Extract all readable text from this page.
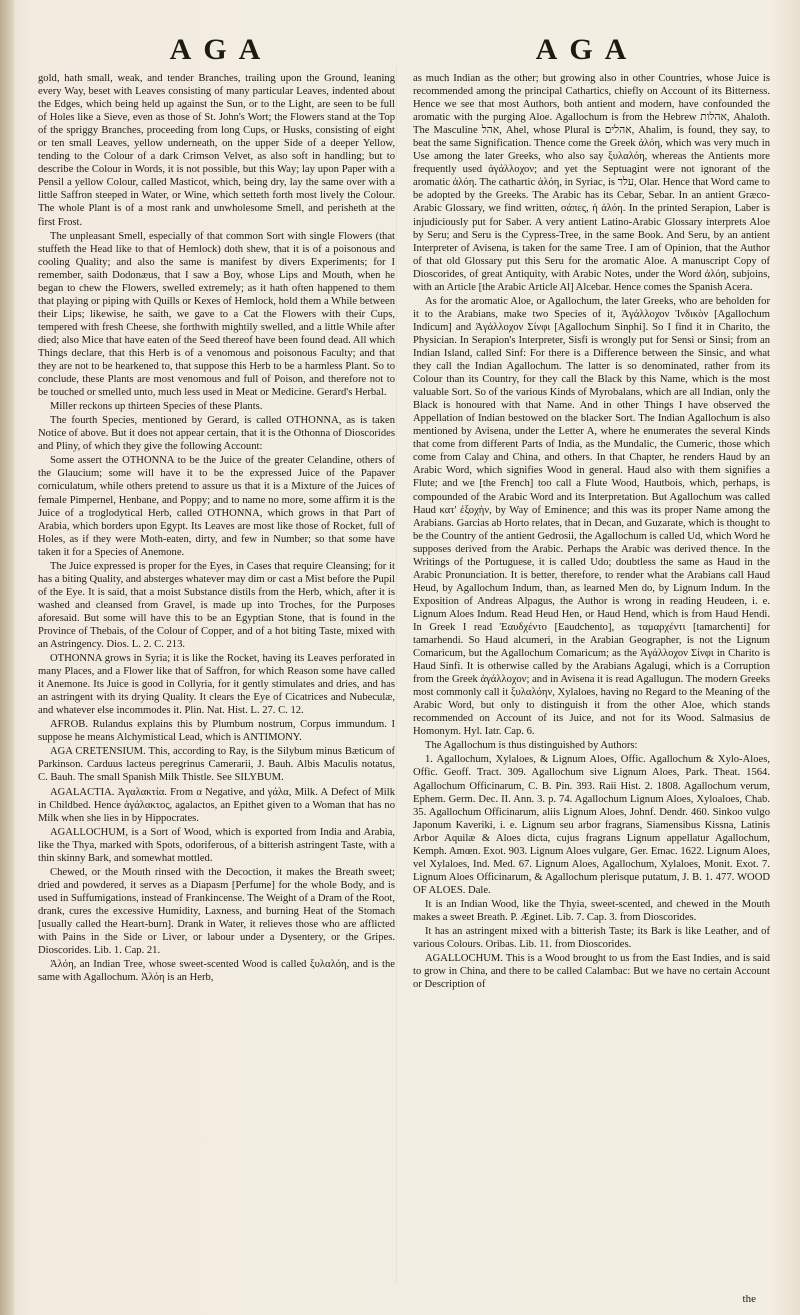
AGA	AGA

gold, hath small, weak, and tender Branches, trailing upon the Ground, leaning every Way, beset with Leaves consisting of many particular Leaves, indented about the Edges, which being held up against the Sun, or to the Light, are seen to be full of Holes like a Sieve, even as those of St. John's Wort; the Flowers stand at the Top of the spriggy Branches, proceeding from long Cups, or Husks, consisting of eight or ten small Leaves, yellow underneath, on the upper Side of a deeper Yellow, tending to the Colour of a dark Crimson Velvet, as also soft in handling; but to describe the Colour in Words, it is not possible, but this Way; lay upon Paper with a Pensil a yellow Colour, called Masticot, which, being dry, lay the same over with a little Saffron steeped in Water, or Wine, which setteth forth most lively the Colour. The whole Plant is of a most rank and unwholesome Smell, and perisheth at the first Frost.

The unpleasant Smell, especially of that common Sort with single Flowers (that stuffeth the Head like to that of Hemlock) doth shew, that it is of a poisonous and cooling Quality; and also the same is manifest by divers Experiments; for I remember, saith Dodonæus, that I saw a Boy, whose Lips and Mouth, when he began to chew the Flowers, swelled extremely; as it hath often happened to them that playing or piping with Quills or Kexes of Hemlock, hold them a While between their Lips; likewise, he saith, we gave to a Cat the Flowers with their Cups, tempered with fresh Cheese, she forthwith mightily swelled, and a little While after died; also Mice that have eaten of the Seed thereof have been found dead. All which Things declare, that this Herb is of a venomous and poisonous Faculty; and that they are not to be hearkened to, that suppose this Herb to be a harmless Plant. So to conclude, these Plants are most venomous and full of Poison, and therefore not to be touched or smelled unto, much less used in Meat or Medicine. Gerard's Herbal.

Miller reckons up thirteen Species of these Plants.

The fourth Species, mentioned by Gerard, is called OTHONNA, as is taken Notice of above. But it does not appear certain, that it is the Othonna of Dioscorides and Pliny, of which they give the following Account:

Some assert the OTHONNA to be the Juice of the greater Celandine, others of the Glaucium; some will have it to be the expressed Juice of the Papaver corniculatum, while others pretend to assure us that it is a Mixture of the Juices of female Pimpernel, Henbane, and Poppy; and to name no more, some affirm it is the Juice of a troglodytical Herb, called OTHONNA, which grows in that Part of Arabia, which borders upon Egypt. Its Leaves are most like those of Rocket, full of Holes, as if they were Moth-eaten, dirty, and few in Number; so that some have taken it for a Species of Anemone.

The Juice expressed is proper for the Eyes, in Cases that require Cleansing; for it has a biting Quality, and absterges whatever may dim or cast a Mist before the Pupil of the Eye. It is said, that a moist Substance distils from the Herb, which, after it is washed and cleansed from Gravel, is made up into Troches, for the Purposes aforesaid. But some will have this to be an Egyptian Stone, that is found in the Province of Thebais, of the Colour of Copper, and of a hot biting Taste, mixed with an Astringency. Dios. L. 2. C. 213.

OTHONNA grows in Syria; it is like the Rocket, having its Leaves perforated in many Places, and a Flower like that of Saffron, for which Reason some have called it Anemone. Its Juice is good in Collyria, for it gently stimulates and dries, and has an astringent with its drying Quality. It clears the Eye of Cicatrices and Nubeculæ, and whatever else incommodes it. Plin. Nat. Hist. L. 27. C. 12.

AFROB. Rulandus explains this by Plumbum nostrum, Corpus immundum. I suppose he means Alchymistical Lead, which is ANTIMONY.

AGA CRETENSIUM. This, according to Ray, is the Silybum minus Bæticum of Parkinson. Carduus lacteus peregrinus Camerarii, J. Bauh. Albis Maculis notatus, C. Bauh. The small Spanish Milk Thistle. See SILYBUM.

AGALACTIA. Ἀγαλακτία. From α Negative, and γάλα, Milk. A Defect of Milk in Childbed. Hence ἀγάλακτος, agalactos, an Epithet given to a Woman that has no Milk when she lies in by Hippocrates.

AGALLOCHUM, is a Sort of Wood, which is exported from India and Arabia, like the Thya, marked with Spots, odoriferous, of a bitterish astringent Taste, with a thin skinny Bark, and somewhat mottled.

Chewed, or the Mouth rinsed with the Decoction, it makes the Breath sweet; dried and powdered, it serves as a Diapasm [Perfume] for the whole Body, and is used in Suffumigations, instead of Frankincense. The Weight of a Dram of the Root, drank, cures the excessive Humidity, Laxness, and burning Heat of the Stomach [usually called the Heart-burn]. Drank in Water, it relieves those who are afflicted with Pains in the Side or Liver, or labour under a Dysentery, or the Gripes. Dioscorides. Lib. 1. Cap. 21.

Ἀλόη, an Indian Tree, whose sweet-scented Wood is called ξυλαλόη, and is the same with Agallochum. Ἀλόη is an Herb,

as much Indian as the other; but growing also in other Countries, whose Juice is recommended among the principal Cathartics, chiefly on Account of its Bitterness. Hence we see that most Authors, both antient and modern, have confounded the aromatic with the purging Aloe. Agallochum is from the Hebrew אהלות, Ahaloth. The Masculine אהל, Ahel, whose Plural is אהלים, Ahalim, is found, they say, to beat the same Signification. Thence come the Greek ἀλόη, which was very much in Use among the later Greeks, who also say ξυλαλόη, whereas the Antients more frequently used ἀγάλλοχον; and yet the Septuagint were not ignorant of the aromatic ἀλόη. The cathartic ἀλόη, in Syriac, is עלר, Olar. Hence that Word came to be adopted by the Greeks. The Arabic has its Cebar, Sebar. In an antient Græco-Arabic Glossary, we find written, σάπες, ἡ ἀλόη. In the printed Serapion, Laber is injudiciously put for Saber. A very antient Latino-Arabic Glossary interprets Aloe by Seru; and Seru is the Cypress-Tree, in the same Book. And Seru, by an antient Interpreter of Avisena, is taken for the same Tree. I am of Opinion, that the Author of that old Glossary put this Seru for the aromatic Aloe. A manuscript Copy of Dioscorides, of great Antiquity, with Arabic Notes, under the Word ἀλόη, subjoins, with an Article [the Arabic Article Al] Alcebar. Hence comes the Spanish Acera.

As for the aromatic Aloe, or Agallochum, the later Greeks, who are beholden for it to the Arabians, make two Species of it, Ἀγάλλοχον Ἰνδικὸν [Agallochum Indicum] and Ἀγάλλοχον Σίνφι [Agallochum Sinphi]. So I find it in Charito, the Physician. In Serapion's Interpreter, Sisfi is wrongly put for Sensi or Sinsi; from an Indian Island, called Sinf: For there is a Difference between the Sinsic, and what they call the Indian Agallochum. The latter is so denominated, rather from its Colour than its Country, for they call the Black by this Name, which is the most valuable Sort. So of the various Kinds of Myrobalans, which are all Indian, only the Black is honoured with that Name. And in other Things I have observed the Appellation of Indian bestowed on the blacker Sort. The Indian Agallochum is also mentioned by Avisena, under the Letter A, where he enumerates the several Kinds that come from different Parts of India, as the Mundalic, the Cumeric, those which come from Calay and China, and others. In that Chapter, he renders Haud by an Arabic Word, which signifies Wood in general. Haud also with them signifies a Flute; and we [the French] too call a Flute Wood, Hautbois, which, perhaps, is compounded of the Arabic Word and its Interpretation. But Agallochum was called Haud κατ' ἐξοχὴν, by Way of Eminence; and this was its proper Name among the Arabians. Garcias ab Horto relates, that in Decan, and Guzarate, which is thought to be the Country of the antient Gedrosii, the Agallochum is called Ud, which Word he supposes derived from the Arabic. Perhaps the Arabic was derived thence. In the Writings of the Portuguese, it is called Udo; doubtless the same as Haud in the Arabic Pronunciation. It is better, therefore, to render what the Arabians call Haud Heud, by Agallochum Indum, than, as learned Men do, by Lignum Indum. In the Exposition of Andreas Alpagus, the Author is wrong in reading Heudeen, i. e. Lignum Aloes Indum. Read Heud Hen, or Haud Hend, which is from Haud Hendi. In Greek I read Ἑαυδχέντο [Eaudchento], as ταμαρχέντι [tamarchenti] for tamarhendi. So Haud alcumeri, in the Arabian Geographer, is not the Lignum Comaricum, but the Agallochum Comaricum; as the Ἀγάλλοχον Σίνφι in Charito is Haud Sinfi. It is otherwise called by the Arabians Agalugi, which is a Corruption from the Greek ἀγάλλοχον; and in Avisena it is read Agallugun. The modern Greeks most commonly call it ξυλαλόην, Xylaloes, having no Regard to the Meaning of the Arabic Word, but only to distinguish it from the other Aloe, which stands recommended on Account of its Juice, and not for its Wood. Salmasius de Homonym. Hyl. Iatr. Cap. 6.

The Agallochum is thus distinguished by Authors:

1. Agallochum, Xylaloes, & Lignum Aloes, Offic. Agallochum & Xylo-Aloes, Offic. Geoff. Tract. 309. Agallochum sive Lignum Aloes, Park. Theat. 1564. Agallochum Officinarum, C. B. Pin. 393. Raii Hist. 2. 1808. Agallochum verum, Ephem. Germ. Dec. II. Ann. 3. p. 74. Agallochum Lignum Aloes, Xyloaloes, Chab. 35. Agallochum Officinarum, aliis Lignum Aloes, Johnf. Dendr. 460. Sinkoo vulgo Japonum Kaveriki, i. e. Lignum seu arbor fragrans, Siamensibus Kissna, Latinis Arbor Aquilæ & Aloes dicta, cujus fragrans Lignum appellatur Agallochum, Kemph. Amœn. Exot. 903. Lignum Aloes vulgare, Ger. Emac. 1622. Lignum Aloes, vel Xylaloes, Ind. Med. 67. Lignum Aloes, Agallochum, Xylaloes, Monit. Exot. 7. Lignum Aloes Officinarum, & Agallochum plerisque putatum, J. B. 1. 477. WOOD OF ALOES. Dale.

It is an Indian Wood, like the Thyia, sweet-scented, and chewed in the Mouth makes a sweet Breath. P. Æginet. Lib. 7. Cap. 3. from Dioscorides.

It has an astringent mixed with a bitterish Taste; its Bark is like Leather, and of various Colours. Oribas. Lib. 11. from Dioscorides.

AGALLOCHUM. This is a Wood brought to us from the East Indies, and is said to grow in China, and there to be called Calambac: But we have no certain Account or Description of

the
